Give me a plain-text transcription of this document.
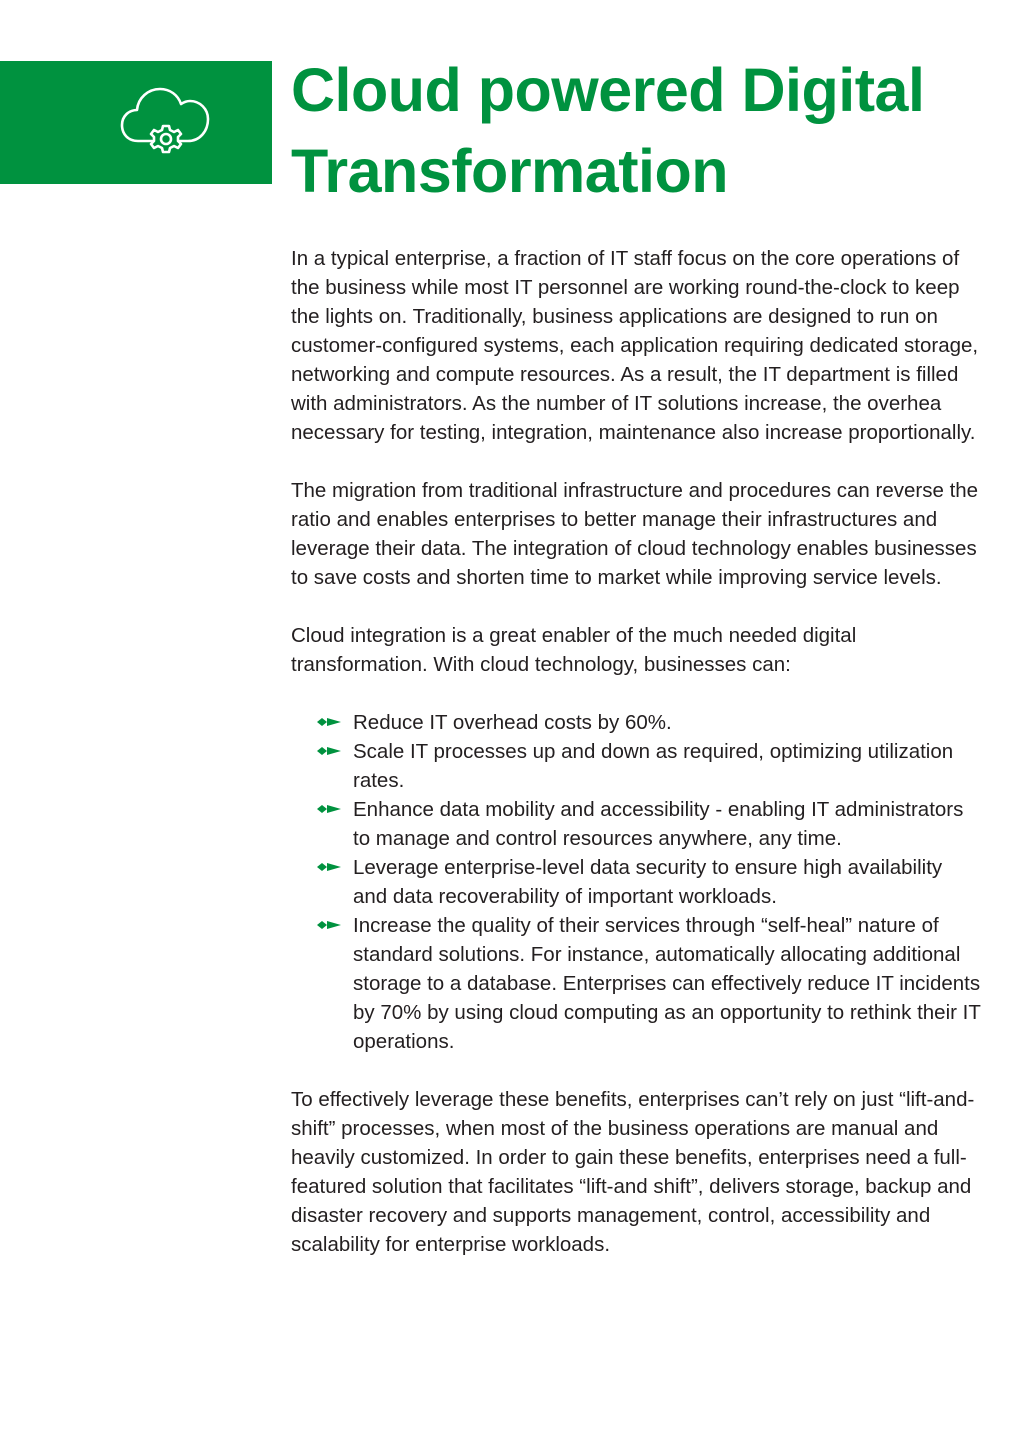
Cloud powered Digital Transformation

In a typical enterprise, a fraction of IT staff focus on the core operations of the business while most IT personnel are working round-the-clock to keep the lights on. Traditionally, business applications are designed to run on customer-configured systems, each application requiring dedicated storage, networking and compute resources. As a result, the IT department is filled with administrators. As the number of IT solutions increase, the overhea necessary for testing, integration, maintenance also increase proportionally.

The migration from traditional infrastructure and procedures can reverse the ratio and enables enterprises to better manage their infrastructures and leverage their data. The integration of cloud technology enables businesses to save costs and shorten time to market while improving service levels.

Cloud integration is a great enabler of the much needed digital transformation. With cloud technology, businesses can:

Reduce IT overhead costs by 60%.
Scale IT processes up and down as required, optimizing utilization rates.
Enhance data mobility and accessibility - enabling IT administrators to manage and control resources anywhere, any time.
Leverage enterprise-level data security to ensure high availability and data recoverability of important workloads.
Increase the quality of their services through “self-heal” nature of standard solutions. For instance, automatically allocating additional storage to a database. Enterprises can effectively reduce IT incidents by 70% by using cloud computing as an opportunity to rethink their IT operations.

To effectively leverage these benefits, enterprises can’t rely on just “lift-and-shift” processes, when most of the business operations are manual and heavily customized. In order to gain these benefits, enterprises need a full-featured solution that facilitates “lift-and shift”, delivers storage, backup and disaster recovery and supports management, control, accessibility and scalability for enterprise workloads.
